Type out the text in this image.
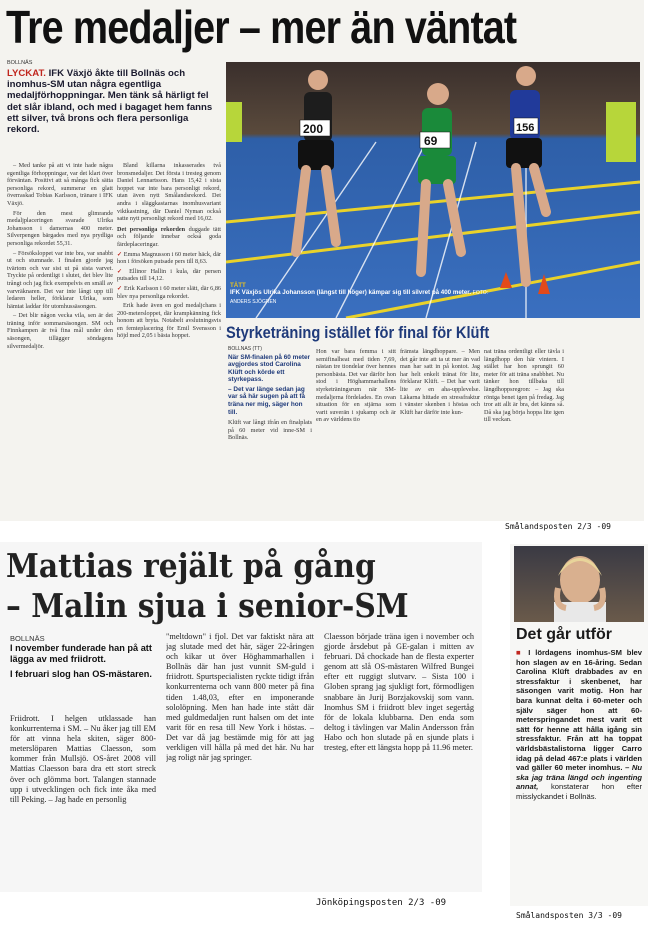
Tre medaljer – mer än väntat
BOLLNÄS
LYCKAT. IFK Växjö åkte till Bollnäs och inomhus-SM utan några egentliga medaljförhoppningar. Men tänk så härligt fel det slår ibland, och med i bagaget hem fanns ett silver, två brons och flera personliga rekord.

– Med tanke på att vi inte hade några egentliga förhoppningar, var det klart över förväntan. Positivt att så många fick sätta personliga rekord, summerar en glatt överraskad Tobias Karlsson, tränare i IFK Växjö.

För den mest glimrande medaljplaceringen svarade Ulrika Johansson i damernas 400 meter. Silverpengen bärgades med nya prydliga personliga rekordet 55,31.

– Försöksloppet var inte bra, var snabbt ut och stumnade. I finalen gjorde jag tvärtom och var sist ut på sista varvet. Tryckte på ordentligt i slutet, det blev lite trångt och jag fick exempelvis en smäll av varvräknaren. Det var inte långt upp till ledaren heller, förklarar Ulrika, som hämtat laddar för utomhussäsongen.

– Det blir någon vecka vila, sen är det träning inför sommarsäsongen. SM och Finnkampen är två fina mål under den säsongen, tillägger söndagens silvermedaljör.

Bland killarna inkasserades två bronsmedaljer. Det första i tresteg genom Daniel Lennartsson. Hans 15,42 i sista hoppet var inte bara personligt rekord, utan även nytt Smålandsrekord. Det andra i släggkastarnas inomhusvariant viktkastning, där Daniel Nyman också satte nytt personligt rekord med 16,02.

Det personliga rekorden duggade tätt och följande innebar också goda färdeplaceringar.

✓ Emma Magnusson i 60 meter häck, där hon i försöken putsade pers till 8,63.

✓ Ellinor Hallin i kula, där persen putsades till 14,12.

✓ Erik Karlsson i 60 meter slätt, där 6,86 blev nya personliga rekordet.

Erik hade även en god medaljchans i 200-metersloppet, där krampkänning fick honom att bryta. Notabelt avslutningsvis en femteplacering för Emil Svensson i höjd med 2,05 i bästa hoppet.

200
69
156
TÄTT
IFK Växjös Ulrika Johansson (längst till höger) kämpar sig till silvret på 400 meter. FOTO: ANDERS SJÖGREN
Styrketräning istället för final för Klüft
BOLLNÄS (TT)
När SM-finalen på 60 meter avgjordes stod Carolina Klüft och körde ett styrkepass.
– Det var länge sedan jag var så här sugen på att få träna ner mig, säger hon till.
Klüft var långt ifrån en finalplats på 60 meter vid inne-SM i Bollnäs.
Hon var bara femma i sitt semifinalheat med tiden 7,69, nästan tre tiondelar över hennes personbästa. Det var därför hon stod i Höghammarhallens styrketräningsrum när SM-medaljerna fördelades. En ovan situation för en stjärna som varit suverän i sjukamp och är en av världens tio
främsta längdhoppare. – Men det går inte att ta ut mer än vad man har satt in på kontot. Jag har helt enkelt tränat för lite, förklarar Klüft. – Det har varit lite av en aha-upplevelse. Läkarna hittade en stressfraktur i vänster skenben i höstas och Klüft har därför inte kun-
nat träna ordentligt eller tävla i längdhopp den här vintern. I stället har hon sprungit 60 meter för att träna snabbhet. Nu tänker hon tillbaka till längdhoppsregron: – Jag ska röntga benet igen på fredag. Jag tror att allt är bra, det känns så. Då ska jag börja hoppa lite igen till veckan.
Smålandsposten 2/3 -09
Mattias rejält på gång
– Malin sjua i senior-SM
BOLLNÄS
I november funderade han på att lägga av med friidrott.
I februari slog han OS-mästaren.

Friidrott. I helgen utklassade han konkurrenterna i SM. – Nu åker jag till EM för att vinna hela skiten, säger 800-meterslöparen Mattias Claesson, som kommer från Mullsjö. OS-året 2008 vill Mattias Claesson bara dra ett stort streck över och glömma bort. Talangen stannade upp i utvecklingen och fick inte åka med till Peking. – Jag hade en personlig

"meltdown" i fjol. Det var faktiskt nära att jag slutade med det här, säger 22-åringen och kikar ut över Höghammarhallen i Bollnäs där han just vunnit SM-guld i friidrott. Spurtspecialisten ryckte tidigt ifrån konkurrenterna och vann 800 meter på fina tiden 1.48,03, efter en imponerande sololöpning. Men han hade inte stått där med guldmedaljen runt halsen om det inte varit för en resa till New York i höstas. – Det var då jag bestämde mig för att jag verkligen vill hålla på med det här. Nu har jag roligt när jag springer.

Claesson började träna igen i november och gjorde årsdebut på GE-galan i mitten av februari. Då chockade han de flesta experter genom att slå OS-mästaren Wilfred Bungei efter ett ruggigt slutvarv. – Sista 100 i Globen sprang jag sjukligt fort, förmodligen snabbare än Jurij Borzjakovskij som vann. Inomhus SM i friidrott blev inget segertåg för de lokala klubbarna. Den enda som deltog i tävlingen var Malin Andersson från Habo och hon slutade på en sjunde plats i tresteg, efter ett längsta hopp på 11.96 meter.

Jönköpingsposten 2/3 -09
Det går utför
■ I lördagens inomhus-SM blev hon slagen av en 16-åring. Sedan Carolina Klüft drabbades av en stressfaktur i skenbenet, har säsongen varit motig. Hon har bara kunnat delta i 60-meter och själv säger hon att 60-meterspringandet mest varit ett sätt för henne att hålla igång sin stressfaktur. Från att ha toppat världsbästalistorna ligger Carro idag på delad 467:e plats i världen vad gäller 60 meter inomhus. – Nu ska jag träna längd och ingenting annat, konstaterar hon efter misslyckandet i Bollnäs.
Smålandsposten 3/3 -09
